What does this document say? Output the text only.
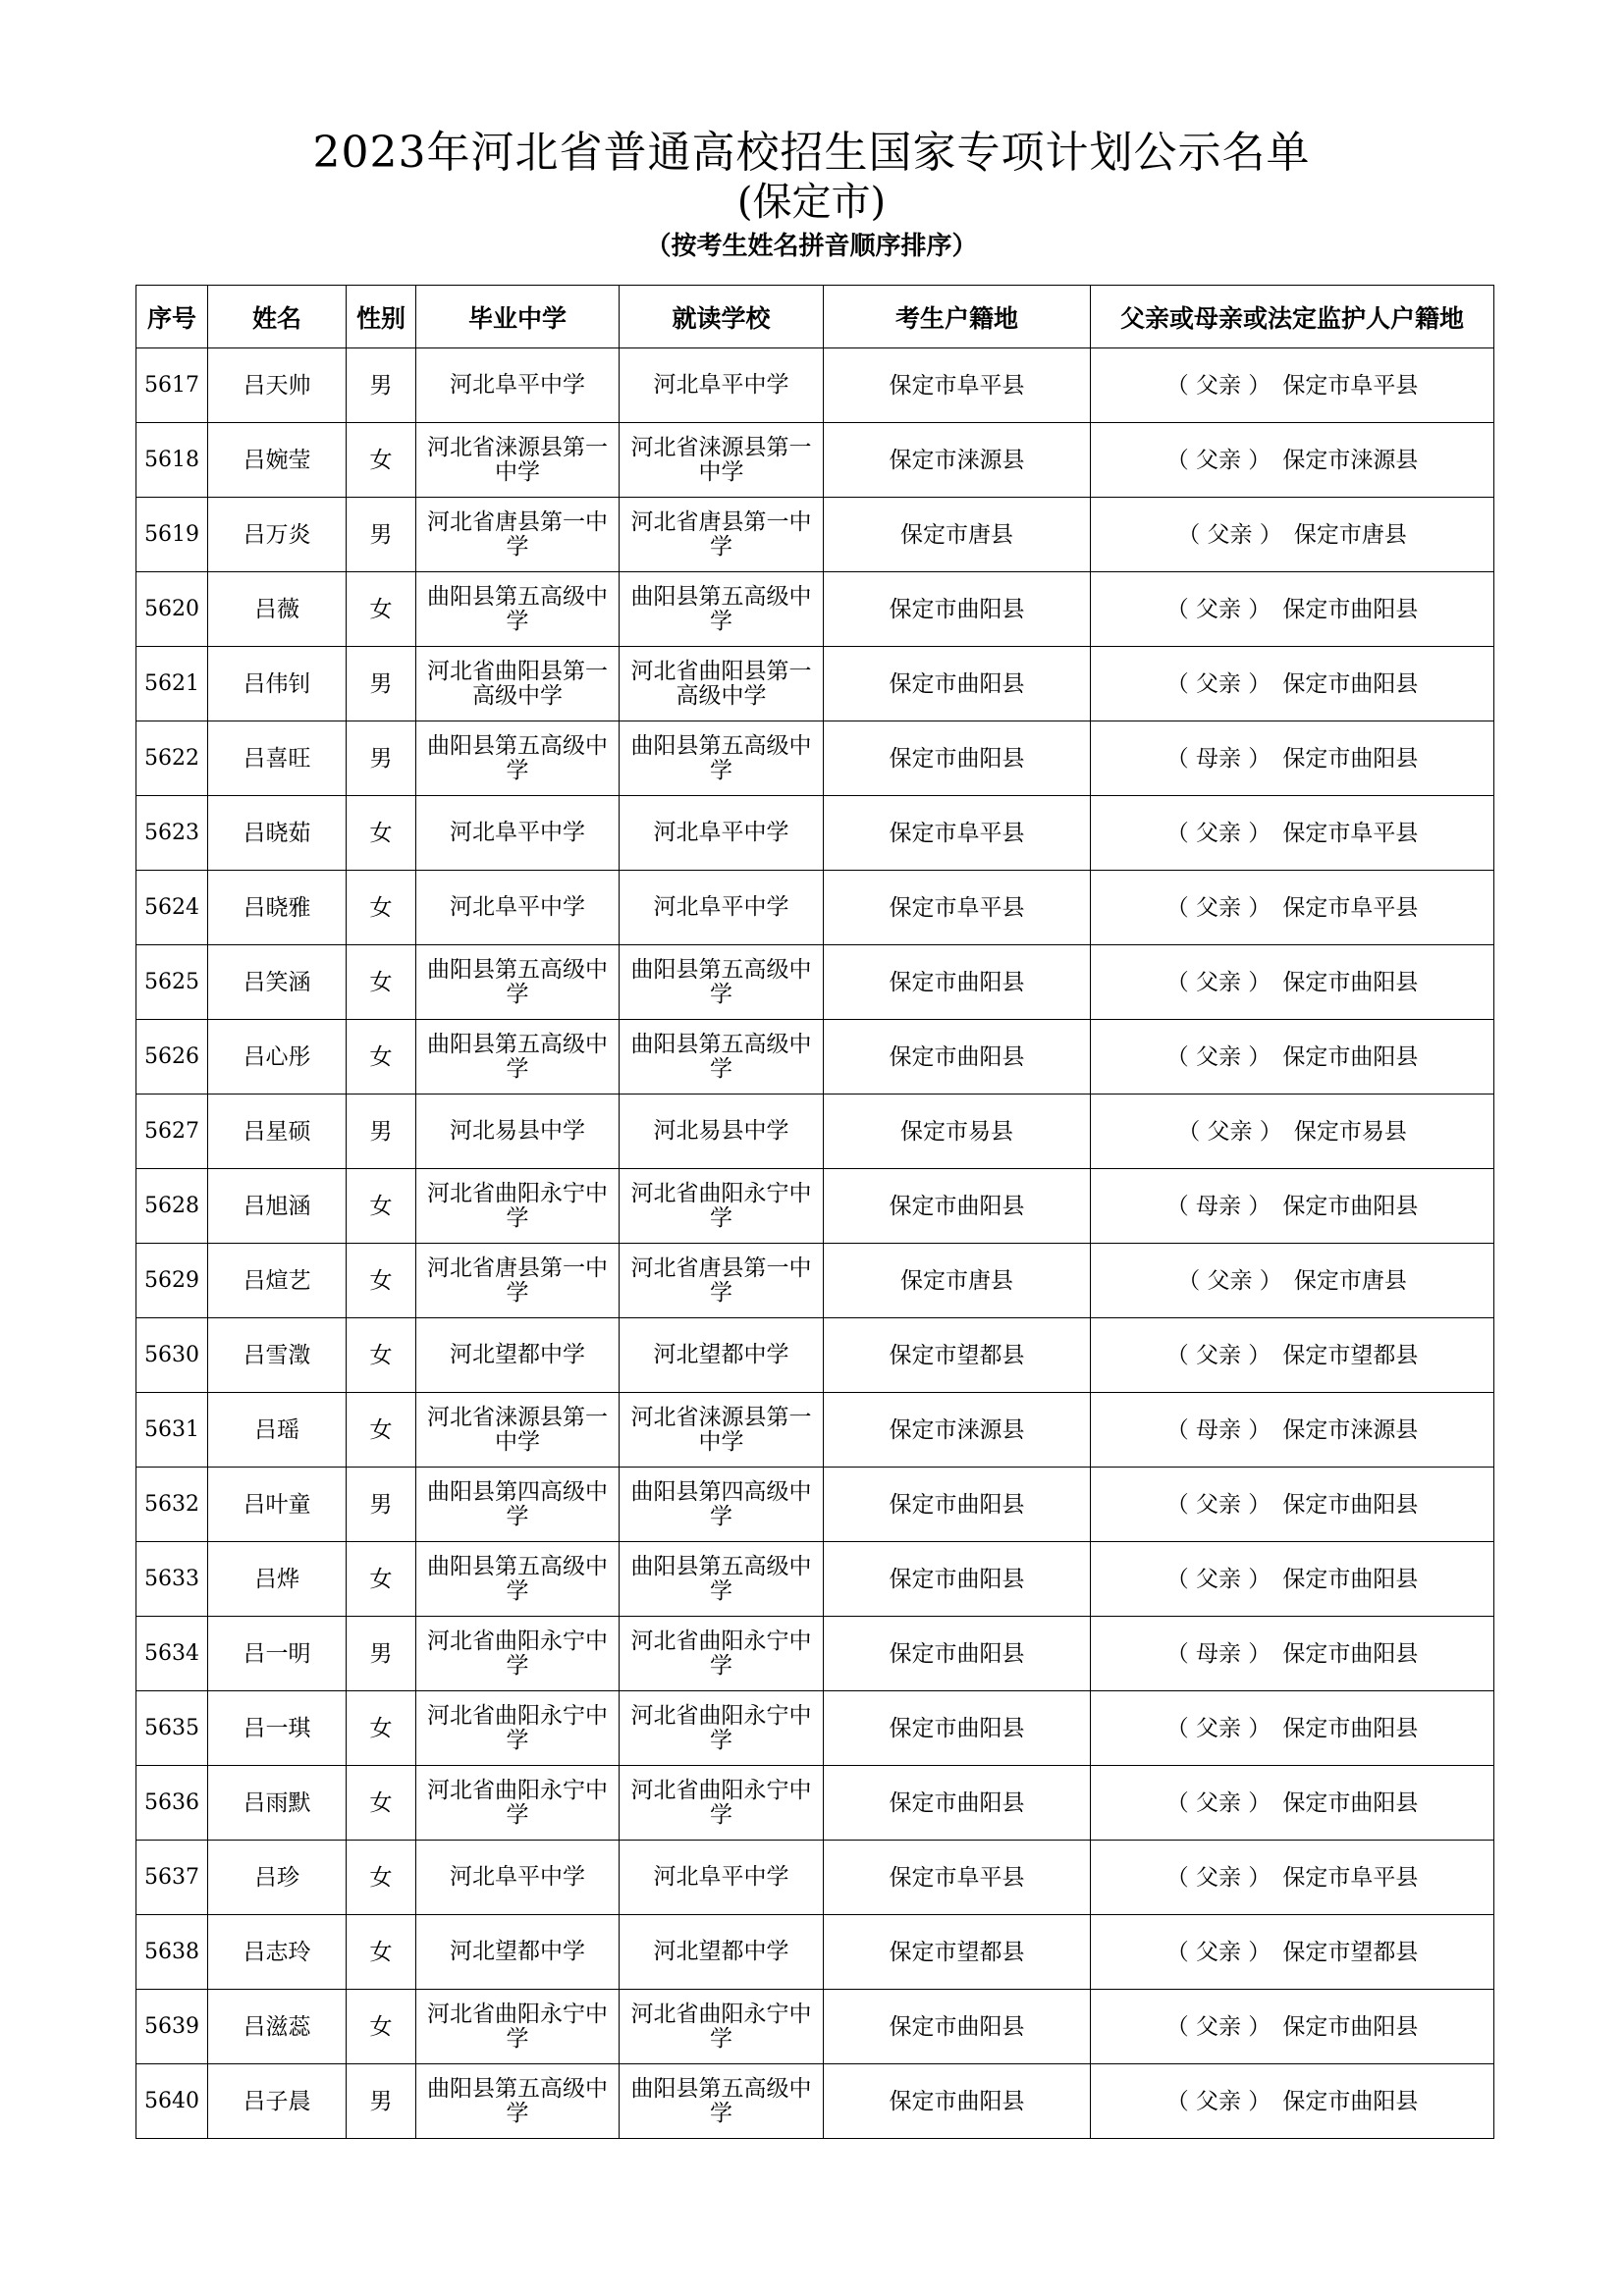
2023年河北省普通高校招生国家专项计划公示名单
(保定市)
（按考生姓名拼音顺序排序）
序号	姓名	性别	毕业中学	就读学校	考生户籍地	父亲或母亲或法定监护人户籍地
5617	吕天帅	男	河北阜平中学	河北阜平中学	保定市阜平县	（ 父亲 ） 保定市阜平县
5618	吕婉莹	女	河北省涞源县第一中学	河北省涞源县第一中学	保定市涞源县	（ 父亲 ） 保定市涞源县
5619	吕万炎	男	河北省唐县第一中学	河北省唐县第一中学	保定市唐县	（ 父亲 ） 保定市唐县
5620	吕薇	女	曲阳县第五高级中学	曲阳县第五高级中学	保定市曲阳县	（ 父亲 ） 保定市曲阳县
5621	吕伟钊	男	河北省曲阳县第一高级中学	河北省曲阳县第一高级中学	保定市曲阳县	（ 父亲 ） 保定市曲阳县
5622	吕喜旺	男	曲阳县第五高级中学	曲阳县第五高级中学	保定市曲阳县	（ 母亲 ） 保定市曲阳县
5623	吕晓茹	女	河北阜平中学	河北阜平中学	保定市阜平县	（ 父亲 ） 保定市阜平县
5624	吕晓雅	女	河北阜平中学	河北阜平中学	保定市阜平县	（ 父亲 ） 保定市阜平县
5625	吕笑涵	女	曲阳县第五高级中学	曲阳县第五高级中学	保定市曲阳县	（ 父亲 ） 保定市曲阳县
5626	吕心彤	女	曲阳县第五高级中学	曲阳县第五高级中学	保定市曲阳县	（ 父亲 ） 保定市曲阳县
5627	吕星硕	男	河北易县中学	河北易县中学	保定市易县	（ 父亲 ） 保定市易县
5628	吕旭涵	女	河北省曲阳永宁中学	河北省曲阳永宁中学	保定市曲阳县	（ 母亲 ） 保定市曲阳县
5629	吕煊艺	女	河北省唐县第一中学	河北省唐县第一中学	保定市唐县	（ 父亲 ） 保定市唐县
5630	吕雪澂	女	河北望都中学	河北望都中学	保定市望都县	（ 父亲 ） 保定市望都县
5631	吕瑶	女	河北省涞源县第一中学	河北省涞源县第一中学	保定市涞源县	（ 母亲 ） 保定市涞源县
5632	吕叶童	男	曲阳县第四高级中学	曲阳县第四高级中学	保定市曲阳县	（ 父亲 ） 保定市曲阳县
5633	吕烨	女	曲阳县第五高级中学	曲阳县第五高级中学	保定市曲阳县	（ 父亲 ） 保定市曲阳县
5634	吕一明	男	河北省曲阳永宁中学	河北省曲阳永宁中学	保定市曲阳县	（ 母亲 ） 保定市曲阳县
5635	吕一琪	女	河北省曲阳永宁中学	河北省曲阳永宁中学	保定市曲阳县	（ 父亲 ） 保定市曲阳县
5636	吕雨默	女	河北省曲阳永宁中学	河北省曲阳永宁中学	保定市曲阳县	（ 父亲 ） 保定市曲阳县
5637	吕珍	女	河北阜平中学	河北阜平中学	保定市阜平县	（ 父亲 ） 保定市阜平县
5638	吕志玲	女	河北望都中学	河北望都中学	保定市望都县	（ 父亲 ） 保定市望都县
5639	吕滋蕊	女	河北省曲阳永宁中学	河北省曲阳永宁中学	保定市曲阳县	（ 父亲 ） 保定市曲阳县
5640	吕子晨	男	曲阳县第五高级中学	曲阳县第五高级中学	保定市曲阳县	（ 父亲 ） 保定市曲阳县
